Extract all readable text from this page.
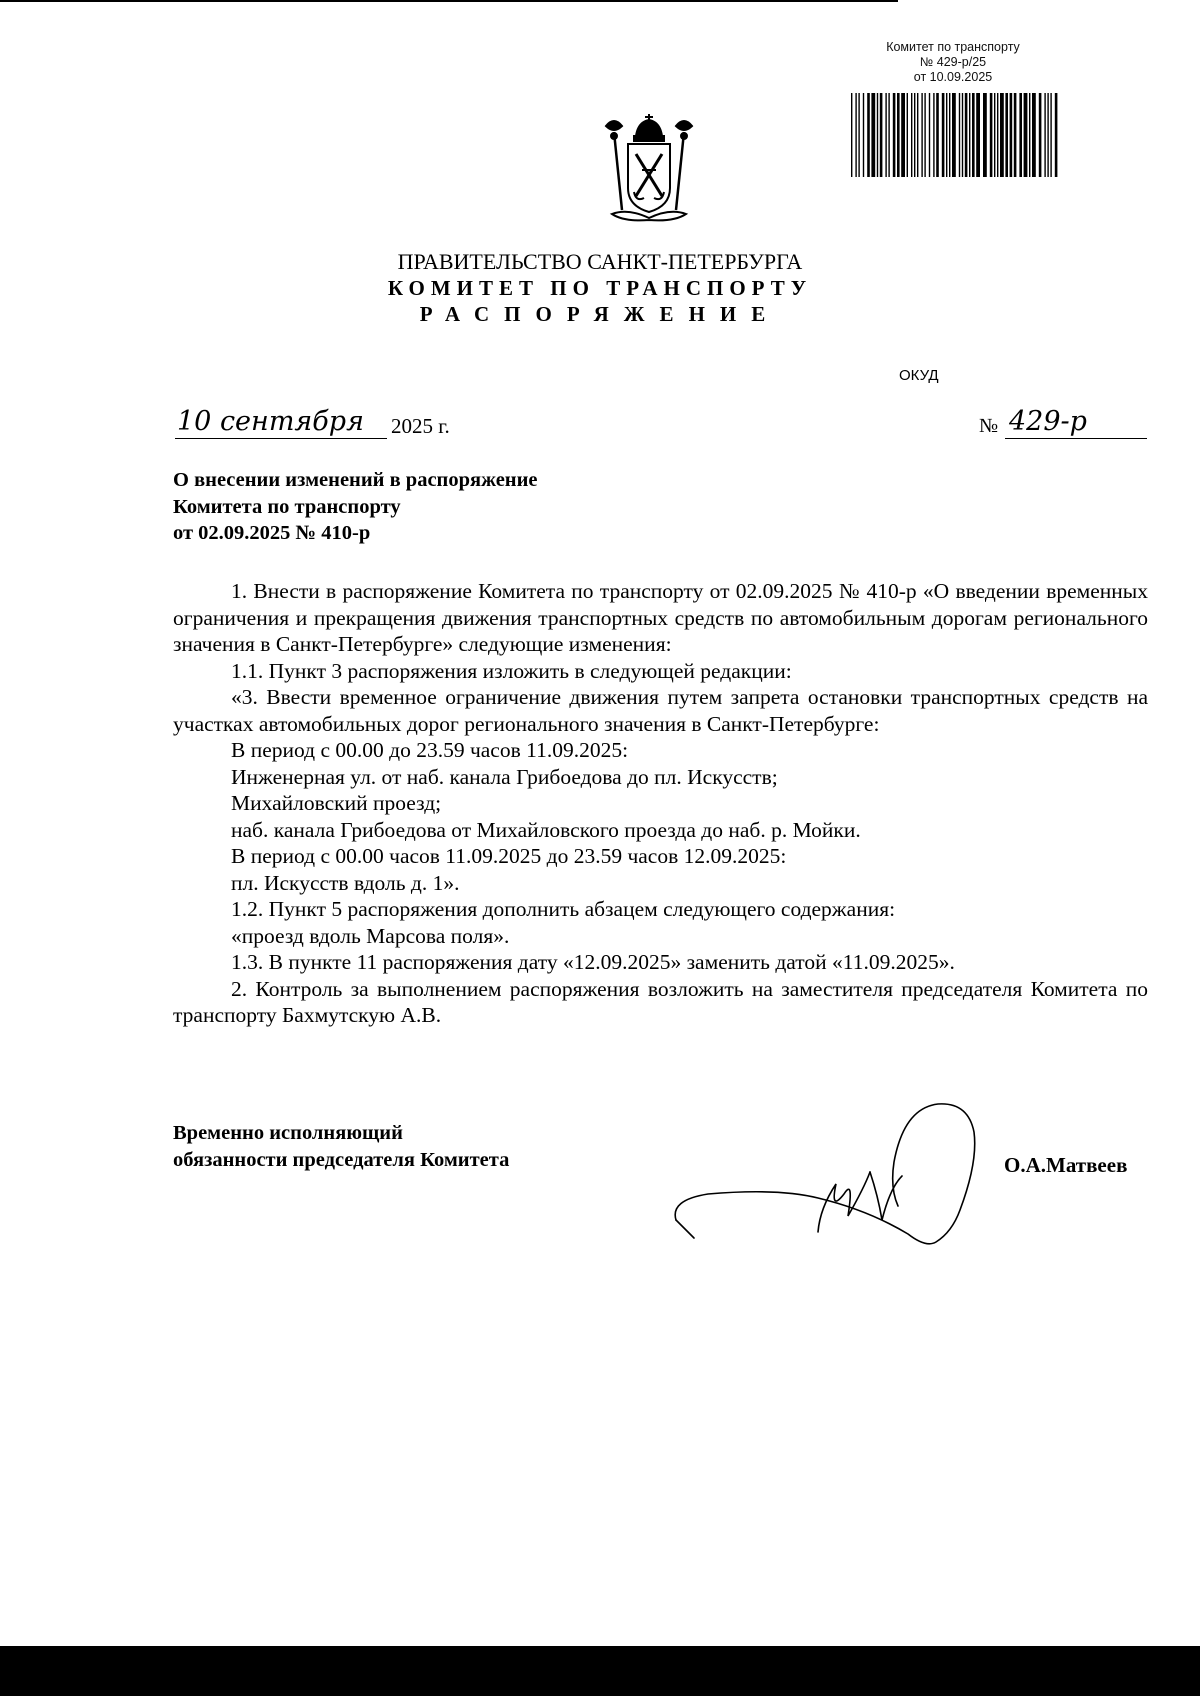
Комитет по транспорту
№ 429-р/25
от 10.09.2025
ПРАВИТЕЛЬСТВО САНКТ-ПЕТЕРБУРГА
КОМИТЕТ ПО ТРАНСПОРТУ
РАСПОРЯЖЕНИЕ
ОКУД
10 сентября	2025 г.	№ 429-р
О внесении изменений в распоряжение
Комитета по транспорту
от 02.09.2025 № 410-р

1. Внести в распоряжение Комитета по транспорту от 02.09.2025 № 410-р «О введении временных ограничения и прекращения движения транспортных средств по автомобильным дорогам регионального значения в Санкт-Петербурге» следующие изменения:

1.1. Пункт 3 распоряжения изложить в следующей редакции:

«3. Ввести временное ограничение движения путем запрета остановки транспортных средств на участках автомобильных дорог регионального значения в Санкт-Петербурге:

В период с 00.00 до 23.59 часов 11.09.2025:

Инженерная ул. от наб. канала Грибоедова до пл. Искусств;

Михайловский проезд;

наб. канала Грибоедова от Михайловского проезда до наб. р. Мойки.

В период с 00.00 часов 11.09.2025 до 23.59 часов 12.09.2025:

пл. Искусств вдоль д. 1».

1.2. Пункт 5 распоряжения дополнить абзацем следующего содержания:

«проезд вдоль Марсова поля».

1.3. В пункте 11 распоряжения дату «12.09.2025» заменить датой «11.09.2025».

2. Контроль за выполнением распоряжения возложить на заместителя председателя Комитета по транспорту Бахмутскую А.В.

Временно исполняющий
обязанности председателя Комитета	О.А.Матвеев
